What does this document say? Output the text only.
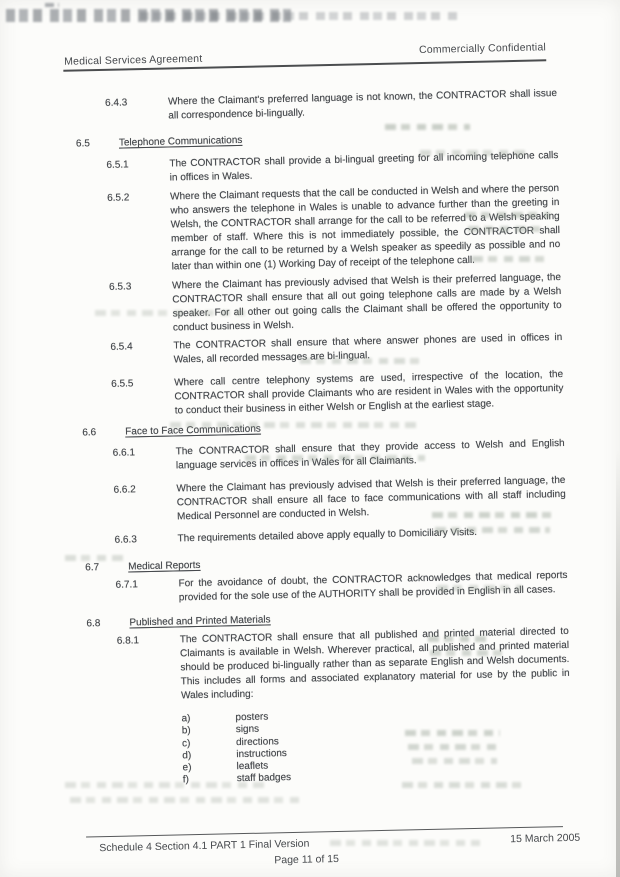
Commercially Confidential
Medical Services Agreement
6.4.3	Where the Claimant's preferred language is not known, the CONTRACTOR shall issue all correspondence bi-lingually.
6.5	Telephone Communications
6.5.1	The CONTRACTOR shall provide a bi-lingual greeting for all incoming telephone calls in offices in Wales.
6.5.2	Where the Claimant requests that the call be conducted in Welsh and where the person who answers the telephone in Wales is unable to advance further than the greeting in Welsh, the CONTRACTOR shall arrange for the call to be referred to a Welsh speaking member of staff. Where this is not immediately possible, the CONTRACTOR shall arrange for the call to be returned by a Welsh speaker as speedily as possible and no later than within one (1) Working Day of receipt of the telephone call.
6.5.3	Where the Claimant has previously advised that Welsh is their preferred language, the CONTRACTOR shall ensure that all out going telephone calls are made by a Welsh speaker. For all other out going calls the Claimant shall be offered the opportunity to conduct business in Welsh.
6.5.4	The CONTRACTOR shall ensure that where answer phones are used in offices in Wales, all recorded messages are bi-lingual.
6.5.5	Where call centre telephony systems are used, irrespective of the location, the CONTRACTOR shall provide Claimants who are resident in Wales with the opportunity to conduct their business in either Welsh or English at the earliest stage.
6.6	Face to Face Communications
6.6.1	The CONTRACTOR shall ensure that they provide access to Welsh and English language services in offices in Wales for all Claimants.
6.6.2	Where the Claimant has previously advised that Welsh is their preferred language, the CONTRACTOR shall ensure all face to face communications with all staff including Medical Personnel are conducted in Welsh.
6.6.3	The requirements detailed above apply equally to Domiciliary Visits.
6.7	Medical Reports
6.7.1	For the avoidance of doubt, the CONTRACTOR acknowledges that medical reports provided for the sole use of the AUTHORITY shall be provided in English in all cases.
6.8	Published and Printed Materials
6.8.1	The CONTRACTOR shall ensure that all published and printed material directed to Claimants is available in Welsh. Wherever practical, all published and printed material should be produced bi-lingually rather than as separate English and Welsh documents. This includes all forms and associated explanatory material for use by the public in Wales including:
a)	posters
b)	signs
c)	directions
d)	instructions
e)	leaflets
f)	staff badges
Schedule 4 Section 4.1 PART 1 Final Version	15 March 2005
Page 11 of 15
